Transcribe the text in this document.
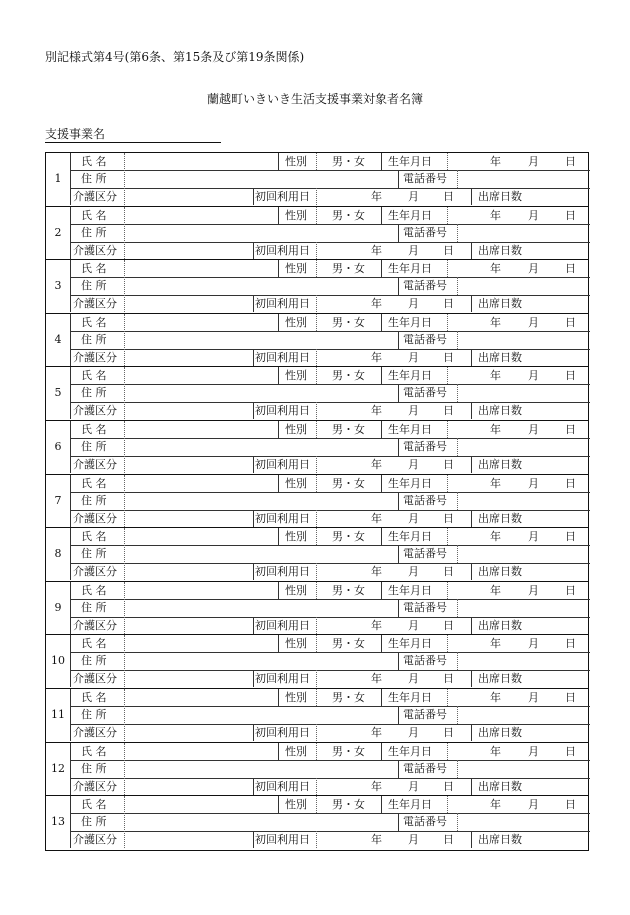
別記様式第4号(第6条、第15条及び第19条関係)
蘭越町いきいき生活支援事業対象者名簿
支援事業名
1
氏 名	性別 男・女 生年月日	年 月 日
住 所	電話番号
介護区分	初回利用日	年 月 日 出席日数
2
氏 名	性別 男・女 生年月日	年 月 日
住 所	電話番号
介護区分	初回利用日	年 月 日 出席日数
3
氏 名	性別 男・女 生年月日	年 月 日
住 所	電話番号
介護区分	初回利用日	年 月 日 出席日数
4
氏 名	性別 男・女 生年月日	年 月 日
住 所	電話番号
介護区分	初回利用日	年 月 日 出席日数
5
氏 名	性別 男・女 生年月日	年 月 日
住 所	電話番号
介護区分	初回利用日	年 月 日 出席日数
6
氏 名	性別 男・女 生年月日	年 月 日
住 所	電話番号
介護区分	初回利用日	年 月 日 出席日数
7
氏 名	性別 男・女 生年月日	年 月 日
住 所	電話番号
介護区分	初回利用日	年 月 日 出席日数
8
氏 名	性別 男・女 生年月日	年 月 日
住 所	電話番号
介護区分	初回利用日	年 月 日 出席日数
9
氏 名	性別 男・女 生年月日	年 月 日
住 所	電話番号
介護区分	初回利用日	年 月 日 出席日数
10
氏 名	性別 男・女 生年月日	年 月 日
住 所	電話番号
介護区分	初回利用日	年 月 日 出席日数
11
氏 名	性別 男・女 生年月日	年 月 日
住 所	電話番号
介護区分	初回利用日	年 月 日 出席日数
12
氏 名	性別 男・女 生年月日	年 月 日
住 所	電話番号
介護区分	初回利用日	年 月 日 出席日数
13
氏 名	性別 男・女 生年月日	年 月 日
住 所	電話番号
介護区分	初回利用日	年 月 日 出席日数
